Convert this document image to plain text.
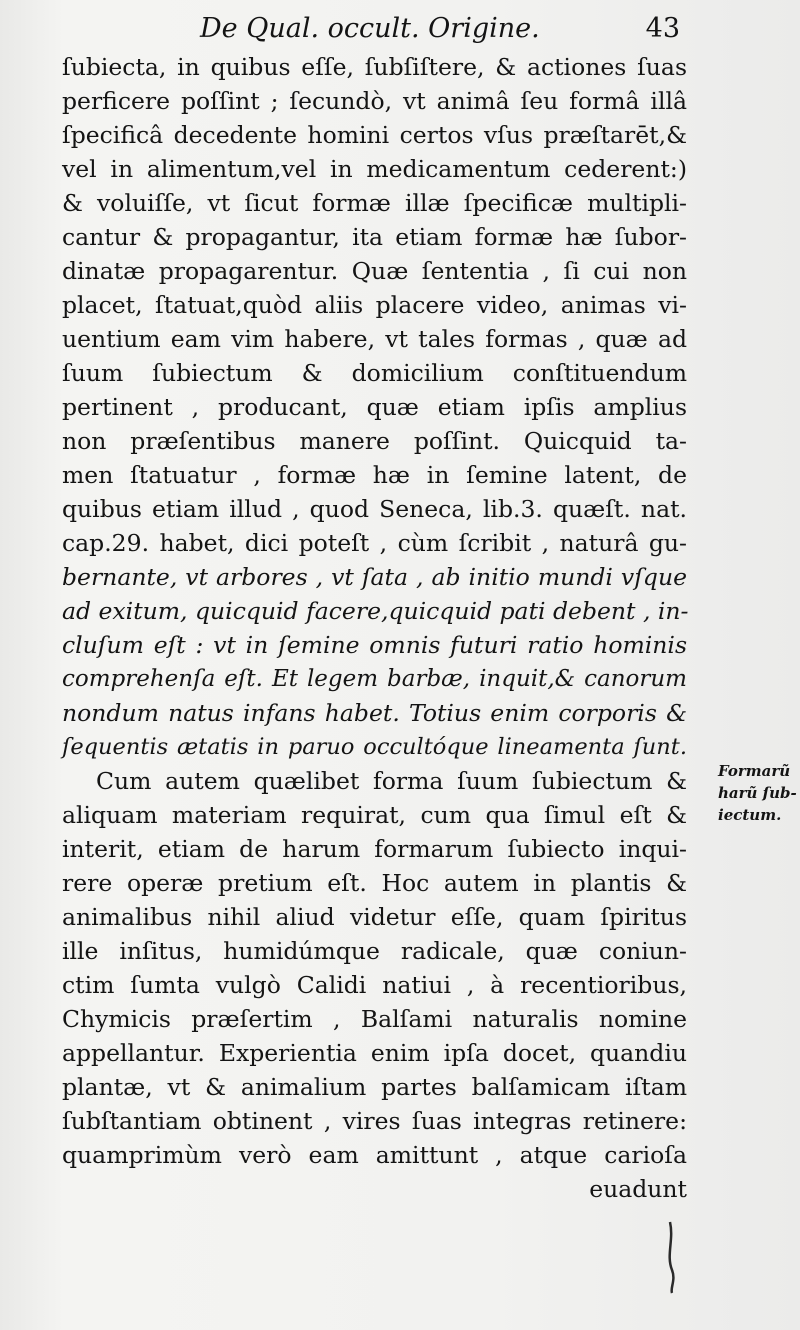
De Qual. occult. Origine.	43
ſubiecta, in quibus eſſe, ſubſiſtere, & actiones ſuas
perficere poſſint ; ſecundò, vt animâ ſeu formâ illâ
ſpecificâ decedente homini certos vſus præſtarēt,&
vel in alimentum,vel in medicamentum cederent:)
& voluiſſe, vt ſicut formæ illæ ſpecificæ multipli-
cantur & propagantur, ita etiam formæ hæ ſubor-
dinatæ propagarentur. Quæ ſententia , ſi cui non
placet, ſtatuat,quòd aliis placere video, animas vi-
uentium eam vim habere, vt tales formas , quæ ad
ſuum ſubiectum & domicilium conſtituendum
pertinent , producant, quæ etiam ipſis amplius
non præſentibus manere poſſint. Quicquid ta-
men ſtatuatur , formæ hæ in ſemine latent, de
quibus etiam illud , quod Seneca, lib.3. quæſt. nat.
cap.29. habet, dici poteſt , cùm ſcribit , naturâ gu-
bernante, vt arbores , vt ſata , ab initio mundi vſque
ad exitum, quicquid facere,quicquid pati debent , in-
cluſum eſt : vt in ſemine omnis futuri ratio hominis
comprehenſa eſt. Et legem barbæ, inquit,& canorum
nondum natus infans habet. Totius enim corporis &
ſequentis ætatis in paruo occultóque lineamenta ſunt.
Cum autem quælibet forma ſuum ſubiectum &
aliquam materiam requirat, cum qua ſimul eſt &
interit, etiam de harum formarum ſubiecto inqui-
rere operæ pretium eſt. Hoc autem in plantis &
animalibus nihil aliud videtur eſſe, quam ſpiritus
ille inſitus, humidúmque radicale, quæ coniun-
ctim ſumta vulgò Calidi natiui , à recentioribus,
Chymicis præſertim , Balſami naturalis nomine
appellantur. Experientia enim ipſa docet, quandiu
plantæ, vt & animalium partes balſamicam iſtam
ſubſtantiam obtinent , vires ſuas integras retinere:
quamprimùm verò eam amittunt , atque carioſa
euadunt
Formarũ
harũ ſub-
iectum.
